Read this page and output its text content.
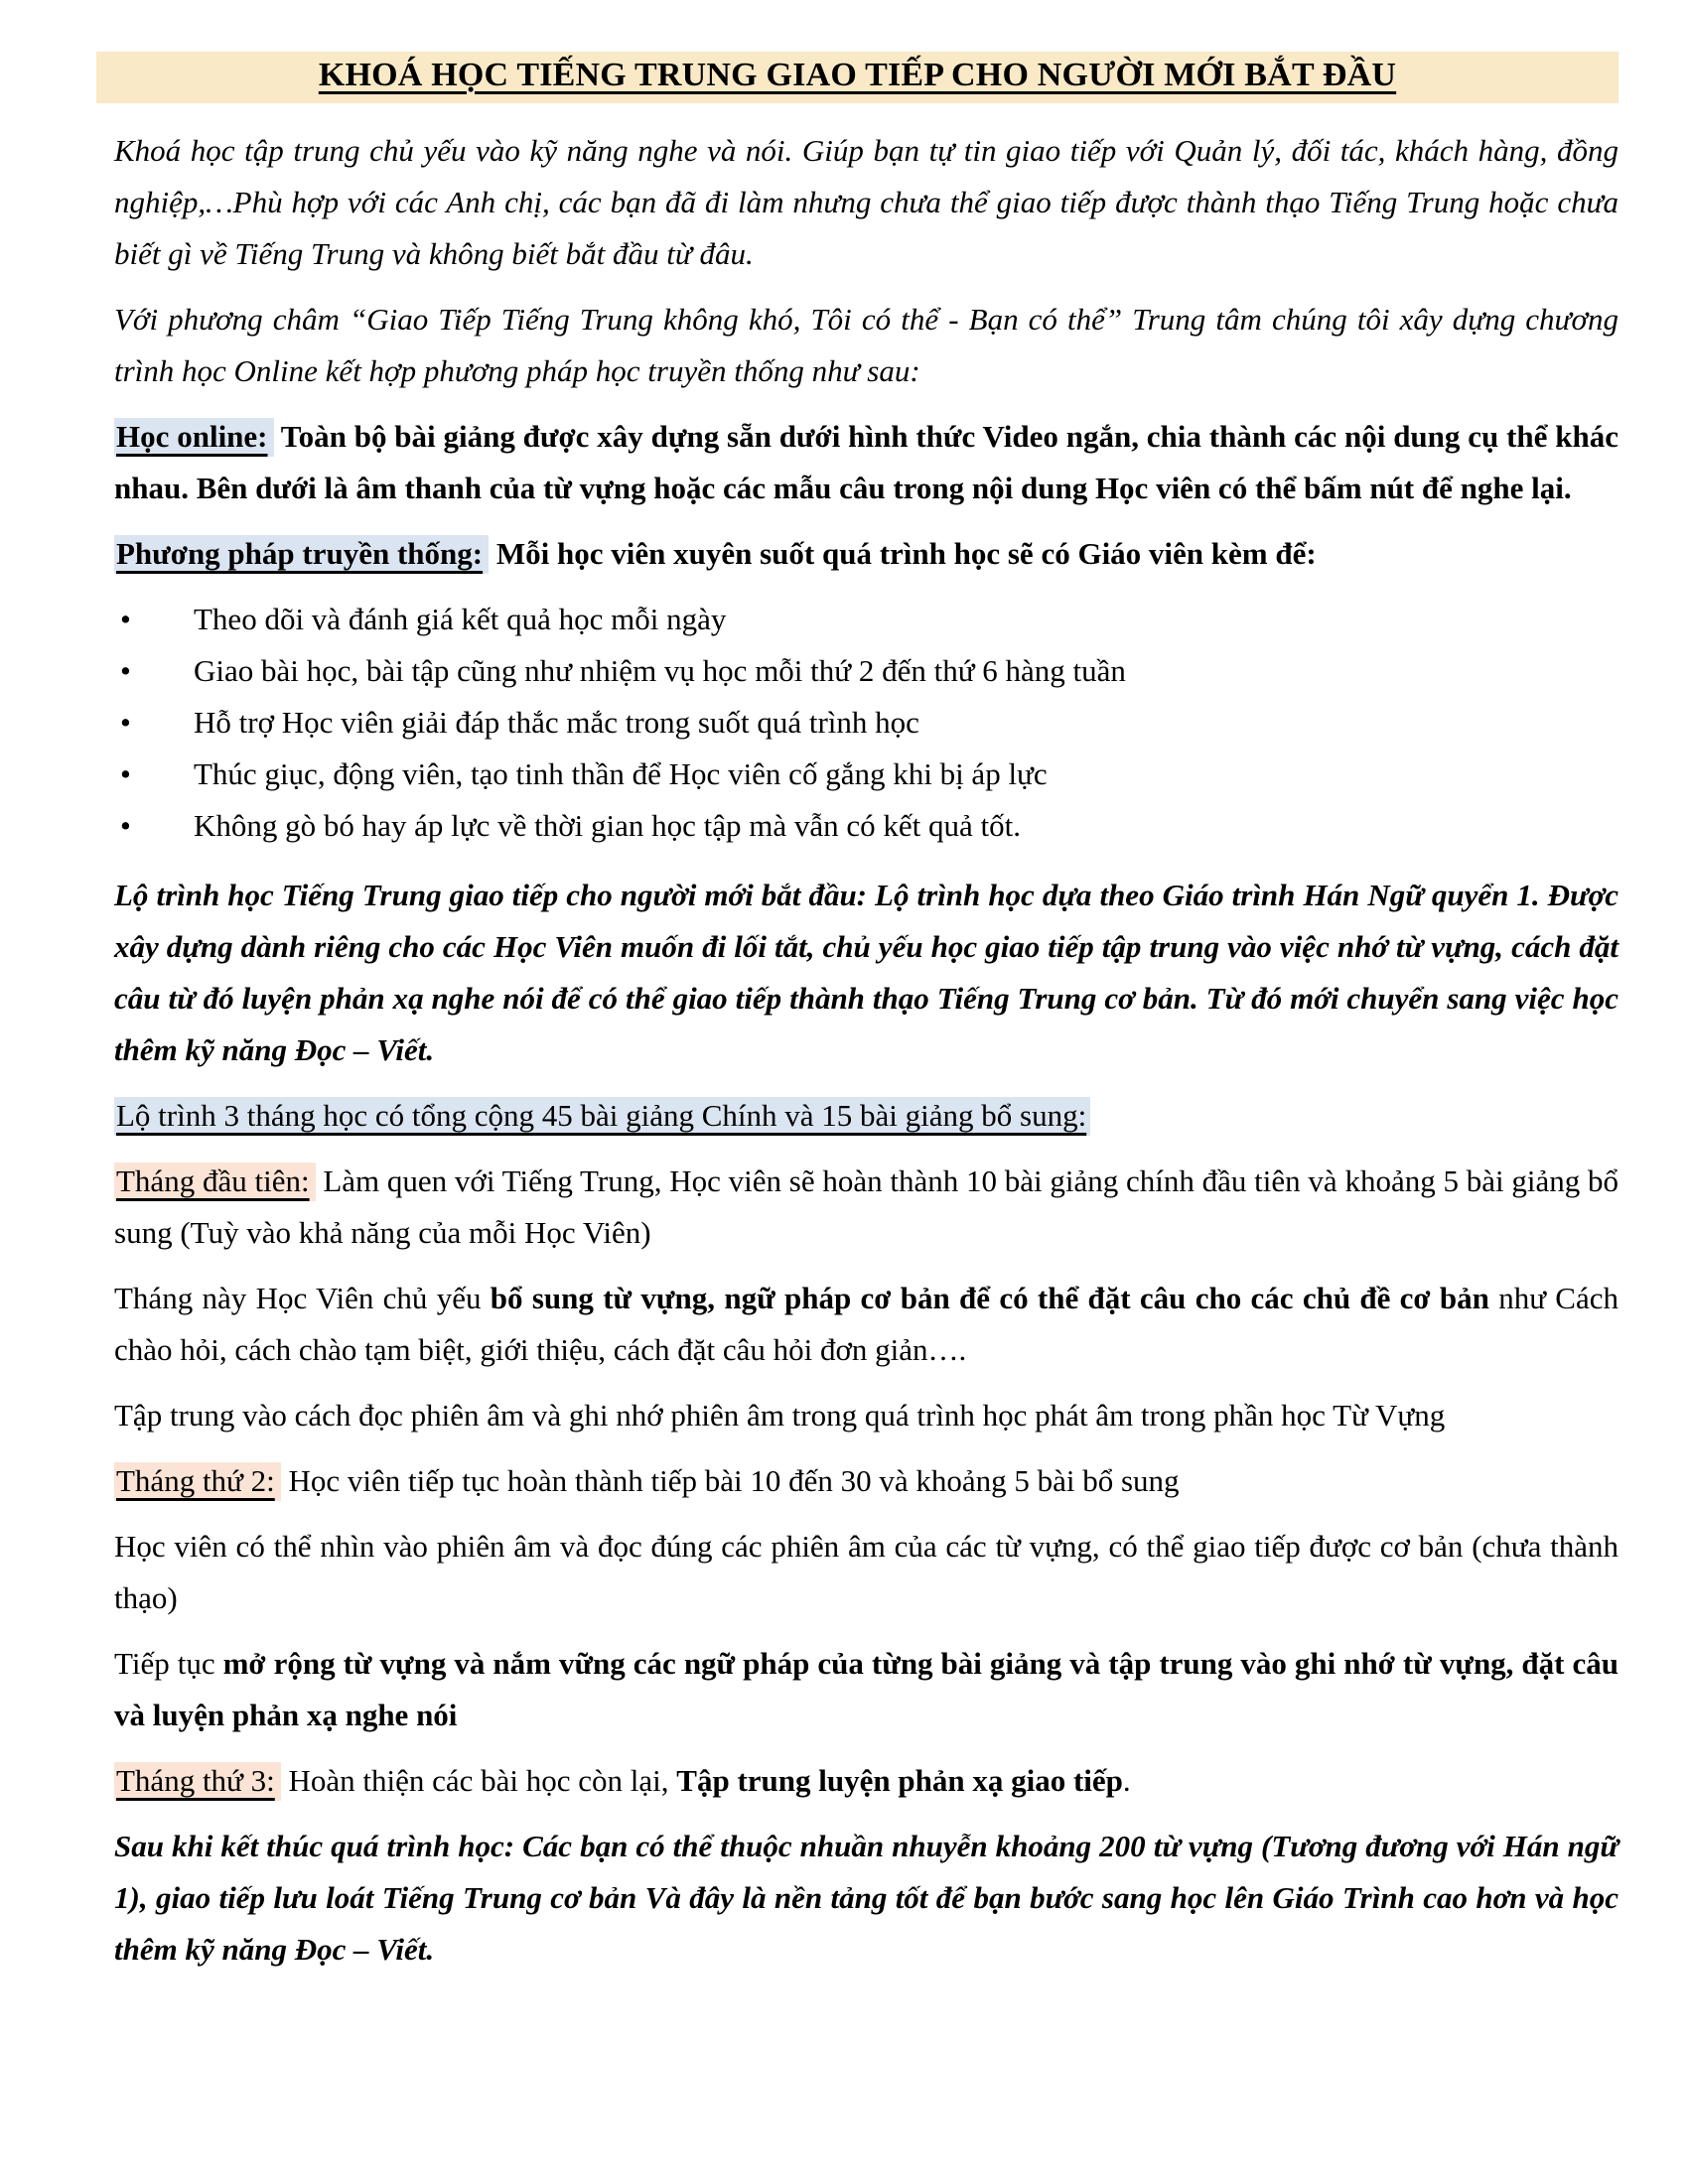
KHOÁ HỌC TIẾNG TRUNG GIAO TIẾP CHO NGƯỜI MỚI BẮT ĐẦU

Khoá học tập trung chủ yếu vào kỹ năng nghe và nói. Giúp bạn tự tin giao tiếp với Quản lý, đối tác, khách hàng, đồng nghiệp,…Phù hợp với các Anh chị, các bạn đã đi làm nhưng chưa thể giao tiếp được thành thạo Tiếng Trung hoặc chưa biết gì về Tiếng Trung và không biết bắt đầu từ đâu.

Với phương châm “Giao Tiếp Tiếng Trung không khó, Tôi có thể - Bạn có thể” Trung tâm chúng tôi xây dựng chương trình học Online kết hợp phương pháp học truyền thống như sau:

Học online: Toàn bộ bài giảng được xây dựng sẵn dưới hình thức Video ngắn, chia thành các nội dung cụ thể khác nhau. Bên dưới là âm thanh của từ vựng hoặc các mẫu câu trong nội dung Học viên có thể bấm nút để nghe lại.

Phương pháp truyền thống: Mỗi học viên xuyên suốt quá trình học sẽ có Giáo viên kèm để:

• Theo dõi và đánh giá kết quả học mỗi ngày
• Giao bài học, bài tập cũng như nhiệm vụ học mỗi thứ 2 đến thứ 6 hàng tuần
• Hỗ trợ Học viên giải đáp thắc mắc trong suốt quá trình học
• Thúc giục, động viên, tạo tinh thần để Học viên cố gắng khi bị áp lực
• Không gò bó hay áp lực về thời gian học tập mà vẫn có kết quả tốt.

Lộ trình học Tiếng Trung giao tiếp cho người mới bắt đầu: Lộ trình học dựa theo Giáo trình Hán Ngữ quyển 1. Được xây dựng dành riêng cho các Học Viên muốn đi lối tắt, chủ yếu học giao tiếp tập trung vào việc nhớ từ vựng, cách đặt câu từ đó luyện phản xạ nghe nói để có thể giao tiếp thành thạo Tiếng Trung cơ bản. Từ đó mới chuyển sang việc học thêm kỹ năng Đọc – Viết.

Lộ trình 3 tháng học có tổng cộng 45 bài giảng Chính và 15 bài giảng bổ sung:

Tháng đầu tiên: Làm quen với Tiếng Trung, Học viên sẽ hoàn thành 10 bài giảng chính đầu tiên và khoảng 5 bài giảng bổ sung (Tuỳ vào khả năng của mỗi Học Viên)

Tháng này Học Viên chủ yếu bổ sung từ vựng, ngữ pháp cơ bản để có thể đặt câu cho các chủ đề cơ bản như Cách chào hỏi, cách chào tạm biệt, giới thiệu, cách đặt câu hỏi đơn giản….

Tập trung vào cách đọc phiên âm và ghi nhớ phiên âm trong quá trình học phát âm trong phần học Từ Vựng

Tháng thứ 2: Học viên tiếp tục hoàn thành tiếp bài 10 đến 30 và khoảng 5 bài bổ sung

Học viên có thể nhìn vào phiên âm và đọc đúng các phiên âm của các từ vựng, có thể giao tiếp được cơ bản (chưa thành thạo)

Tiếp tục mở rộng từ vựng và nắm vững các ngữ pháp của từng bài giảng và tập trung vào ghi nhớ từ vựng, đặt câu và luyện phản xạ nghe nói

Tháng thứ 3: Hoàn thiện các bài học còn lại, Tập trung luyện phản xạ giao tiếp.

Sau khi kết thúc quá trình học: Các bạn có thể thuộc nhuần nhuyễn khoảng 200 từ vựng (Tương đương với Hán ngữ 1), giao tiếp lưu loát Tiếng Trung cơ bản Và đây là nền tảng tốt để bạn bước sang học lên Giáo Trình cao hơn và học thêm kỹ năng Đọc – Viết.
